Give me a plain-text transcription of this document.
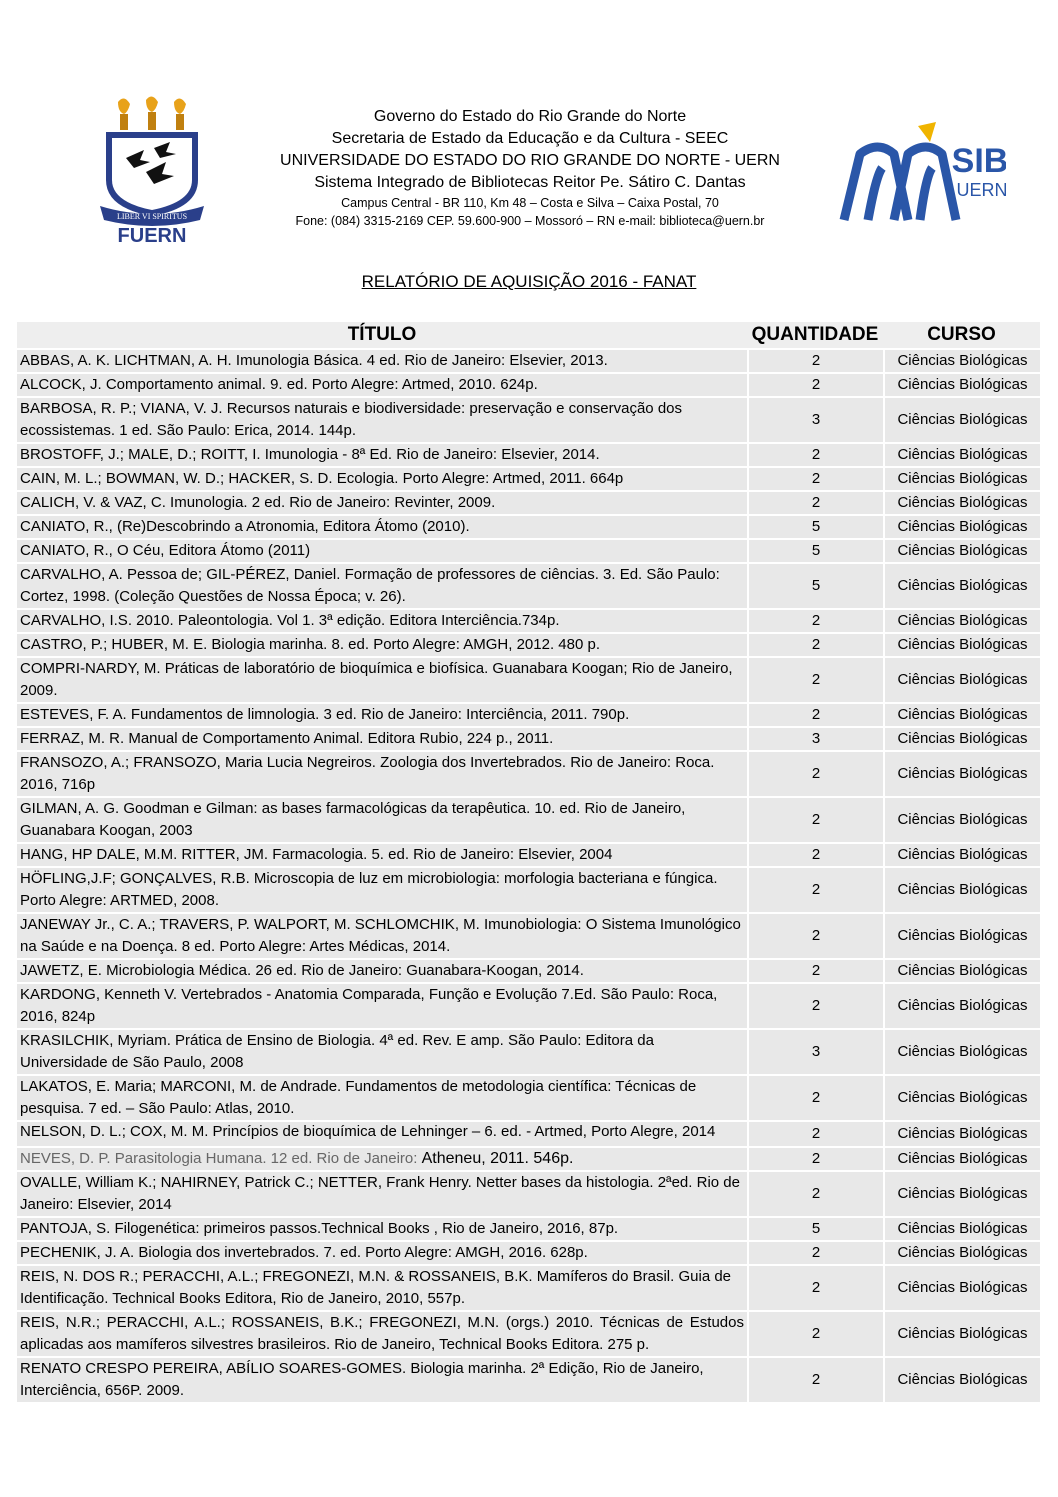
LIBER VI SPIRITUS
FUERN
Governo do Estado do Rio Grande do Norte
Secretaria de Estado da Educação e da Cultura - SEEC
UNIVERSIDADE DO ESTADO DO RIO GRANDE DO NORTE - UERN
Sistema Integrado de Bibliotecas Reitor Pe. Sátiro C. Dantas
Campus Central - BR 110, Km 48 – Costa e Silva – Caixa Postal, 70
Fone: (084) 3315-2169 CEP. 59.600-900 – Mossoró – RN e-mail: biblioteca@uern.br
SIB
UERN
RELATÓRIO DE AQUISIÇÃO 2016 - FANAT
TÍTULO	QUANTIDADE	CURSO
ABBAS, A. K. LICHTMAN, A. H. Imunologia Básica. 4 ed. Rio de Janeiro: Elsevier, 2013.	2	Ciências Biológicas
ALCOCK, J. Comportamento animal. 9. ed. Porto Alegre: Artmed, 2010. 624p.	2	Ciências Biológicas
BARBOSA, R. P.; VIANA, V. J. Recursos naturais e biodiversidade: preservação e conservação dos ecossistemas. 1 ed. São Paulo: Erica, 2014. 144p.	3	Ciências Biológicas
BROSTOFF, J.; MALE, D.; ROITT, I. Imunologia - 8ª Ed. Rio de Janeiro: Elsevier, 2014.	2	Ciências Biológicas
CAIN, M. L.; BOWMAN, W. D.; HACKER, S. D. Ecologia. Porto Alegre: Artmed, 2011. 664p	2	Ciências Biológicas
CALICH, V. & VAZ, C. Imunologia. 2 ed. Rio de Janeiro: Revinter, 2009.	2	Ciências Biológicas
CANIATO, R., (Re)Descobrindo a Atronomia, Editora Átomo (2010).	5	Ciências Biológicas
CANIATO, R., O Céu, Editora Átomo (2011)	5	Ciências Biológicas
CARVALHO, A. Pessoa de; GIL-PÉREZ, Daniel. Formação de professores de ciências. 3. Ed. São Paulo: Cortez, 1998. (Coleção Questões de Nossa Época; v. 26).	5	Ciências Biológicas
CARVALHO, I.S. 2010. Paleontologia. Vol 1. 3ª edição. Editora Interciência.734p.	2	Ciências Biológicas
CASTRO, P.; HUBER, M. E. Biologia marinha. 8. ed. Porto Alegre: AMGH, 2012. 480 p.	2	Ciências Biológicas
COMPRI-NARDY, M. Práticas de laboratório de bioquímica e biofísica. Guanabara Koogan; Rio de Janeiro, 2009.	2	Ciências Biológicas
ESTEVES, F. A. Fundamentos de limnologia. 3 ed. Rio de Janeiro: Interciência, 2011. 790p.	2	Ciências Biológicas
FERRAZ, M. R. Manual de Comportamento Animal. Editora Rubio, 224 p., 2011.	3	Ciências Biológicas
FRANSOZO, A.; FRANSOZO, Maria Lucia Negreiros. Zoologia dos Invertebrados. Rio de Janeiro: Roca. 2016, 716p	2	Ciências Biológicas
GILMAN, A. G. Goodman e Gilman: as bases farmacológicas da terapêutica. 10. ed. Rio de Janeiro, Guanabara Koogan, 2003	2	Ciências Biológicas
HANG, HP DALE, M.M. RITTER, JM. Farmacologia. 5. ed. Rio de Janeiro: Elsevier, 2004	2	Ciências Biológicas
HÖFLING,J.F; GONÇALVES, R.B. Microscopia de luz em microbiologia: morfologia bacteriana e fúngica. Porto Alegre: ARTMED, 2008.	2	Ciências Biológicas
JANEWAY Jr., C. A.; TRAVERS, P. WALPORT, M. SCHLOMCHIK, M. Imunobiologia: O Sistema Imunológico na Saúde e na Doença. 8 ed. Porto Alegre: Artes Médicas, 2014.	2	Ciências Biológicas
JAWETZ, E. Microbiologia Médica. 26 ed. Rio de Janeiro: Guanabara-Koogan, 2014.	2	Ciências Biológicas
KARDONG, Kenneth V. Vertebrados - Anatomia Comparada, Função e Evolução 7.Ed. São Paulo: Roca, 2016, 824p	2	Ciências Biológicas
KRASILCHIK, Myriam. Prática de Ensino de Biologia. 4ª ed. Rev. E amp. São Paulo: Editora da Universidade de São Paulo, 2008	3	Ciências Biológicas
LAKATOS, E. Maria; MARCONI, M. de Andrade. Fundamentos de metodologia científica: Técnicas de pesquisa. 7 ed. – São Paulo: Atlas, 2010.	2	Ciências Biológicas

NELSON, D. L.; COX, M. M. Princípios de bioquímica de Lehninger – 6. ed. - Artmed, Porto Alegre, 2014	2	Ciências Biológicas
NEVES, D. P. Parasitologia Humana. 12 ed. Rio de Janeiro: Atheneu, 2011. 546p.	2	Ciências Biológicas
OVALLE, William K.; NAHIRNEY, Patrick C.; NETTER, Frank Henry. Netter bases da histologia. 2ªed. Rio de Janeiro: Elsevier, 2014	2	Ciências Biológicas
PANTOJA, S. Filogenética: primeiros passos.Technical Books , Rio de Janeiro, 2016, 87p.	5	Ciências Biológicas
PECHENIK, J. A. Biologia dos invertebrados. 7. ed. Porto Alegre: AMGH, 2016. 628p.	2	Ciências Biológicas
REIS, N. DOS R.; PERACCHI, A.L.; FREGONEZI, M.N. & ROSSANEIS, B.K. Mamíferos do Brasil. Guia de Identificação. Technical Books Editora, Rio de Janeiro, 2010, 557p.	2	Ciências Biológicas
REIS, N.R.; PERACCHI, A.L.; ROSSANEIS, B.K.; FREGONEZI, M.N. (orgs.) 2010. Técnicas de Estudos aplicadas aos mamíferos silvestres brasileiros. Rio de Janeiro, Technical Books Editora. 275 p.	2	Ciências Biológicas
RENATO CRESPO PEREIRA, ABÍLIO SOARES-GOMES. Biologia marinha. 2ª Edição, Rio de Janeiro, Interciência, 656P. 2009.	2	Ciências Biológicas
